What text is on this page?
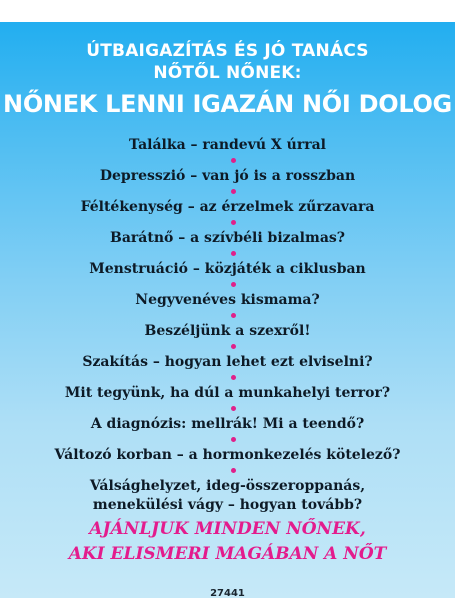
ÚTBAIGAZÍTÁS ÉS JÓ TANÁCS
NŐTŐL NŐNEK:
NŐNEK LENNI IGAZÁN NŐI DOLOG
Találka – randevú X úrral
Depresszió – van jó is a rosszban
Féltékenység – az érzelmek zűrzavara
Barátnő – a szívbéli bizalmas?
Menstruáció – közjáték a ciklusban
Negyvenéves kismama?
Beszéljünk a szexről!
Szakítás – hogyan lehet ezt elviselni?
Mit tegyünk, ha dúl a munkahelyi terror?
A diagnózis: mellrák! Mi a teendő?
Változó korban – a hormonkezelés kötelező?
Válsághelyzet, ideg-összeroppanás,
menekülési vágy – hogyan tovább?
AJÁNLJUK MINDEN NŐNEK,
AKI ELISMERI MAGÁBAN A NŐT
27441
